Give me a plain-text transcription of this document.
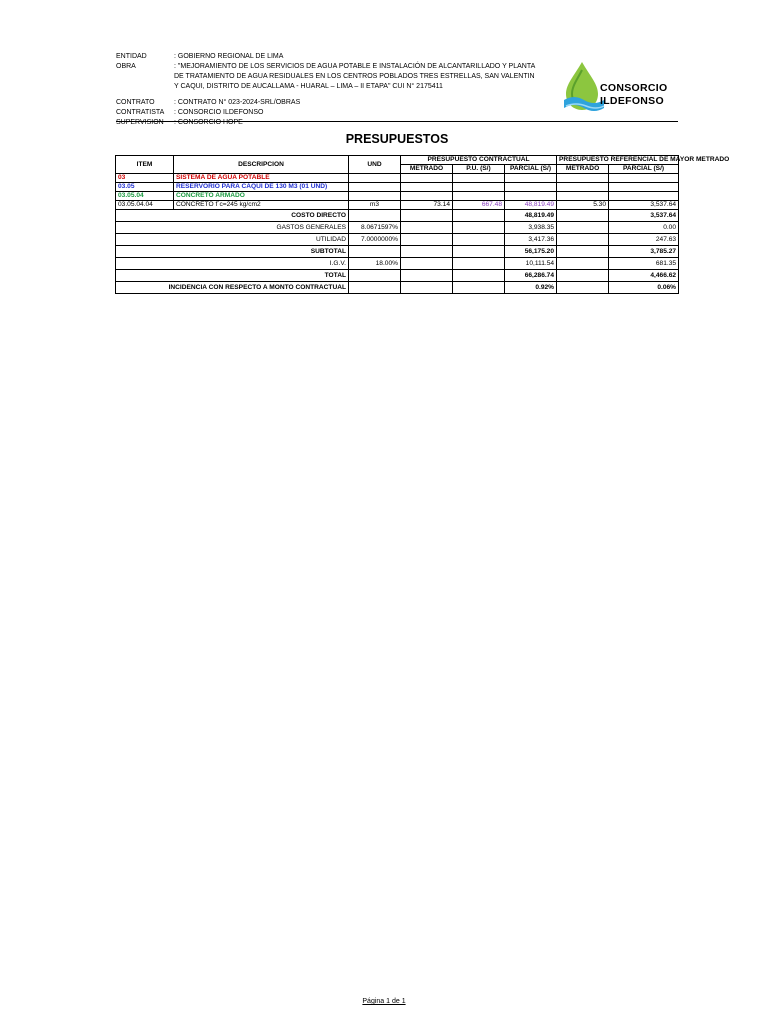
ENTIDAD	: GOBIERNO REGIONAL DE LIMA
OBRA	: "MEJORAMIENTO DE LOS SERVICIOS DE AGUA POTABLE E INSTALACIÓN DE ALCANTARILLADO Y PLANTA DE TRATAMIENTO DE AGUA RESIDUALES EN LOS CENTROS POBLADOS TRES ESTRELLAS, SAN VALENTIN Y CAQUI, DISTRITO DE AUCALLAMA - HUARAL – LIMA – II ETAPA" CUI N° 2175411
CONTRATO	: CONTRATO N° 023-2024-SRL/OBRAS
CONTRATISTA	: CONSORCIO ILDEFONSO
SUPERVISION	: CONSORCIO HOPE
CONSORCIO
ILDEFONSO
PRESUPUESTOS
ITEM	DESCRIPCION	UND	PRESUPUESTO CONTRACTUAL			PRESUPUESTO REFERENCIAL DE MAYOR METRADO	
			METRADO	P.U. (S/)	PARCIAL (S/)	METRADO	PARCIAL (S/)
03	SISTEMA DE AGUA POTABLE						
03.05	RESERVORIO PARA CAQUI DE 130 M3 (01 UND)						
03.05.04	CONCRETO ARMADO						
03.05.04.04	CONCRETO f´c=245 kg/cm2	m3	73.14	667.48	48,819.49	5.30	3,537.64
COSTO DIRECTO					48,819.49		3,537.64
GASTOS GENERALES		8.0671597%			3,938.35		0.00
UTILIDAD		7.0000000%			3,417.36		247.63
SUBTOTAL					56,175.20		3,785.27
I.G.V.		18.00%			10,111.54		681.35
TOTAL					66,286.74		4,466.62
INCIDENCIA CON RESPECTO A MONTO CONTRACTUAL					0.92%		0.06%
Página 1 de 1
